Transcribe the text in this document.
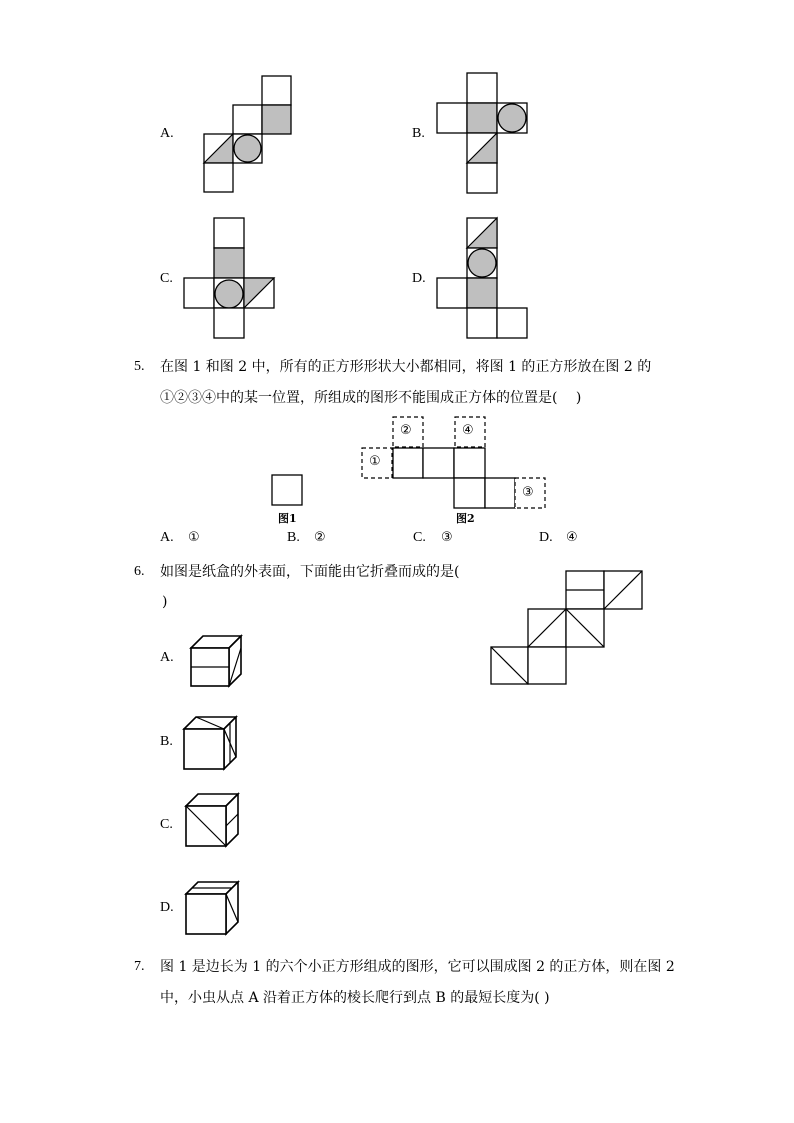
A.	B.
C.	D.
5. 在图 1 和图 2 中，所有的正方形形状大小都相同，将图 1 的正方形放在图 2 的
①②③④中的某一位置，所组成的图形不能围成正方体的位置是(　 )
图1
②	④
①
③
图2
A. ①	B. ②	C. ③	D. ④
6. 如图是纸盒的外表面，下面能由它折叠而成的是(
)
A.
B.
C.
D.
7. 图 1 是边长为 1 的六个小正方形组成的图形，它可以围成图 2 的正方体，则在图 2
中，小虫从点 A 沿着正方体的棱长爬行到点 B 的最短长度为( )
